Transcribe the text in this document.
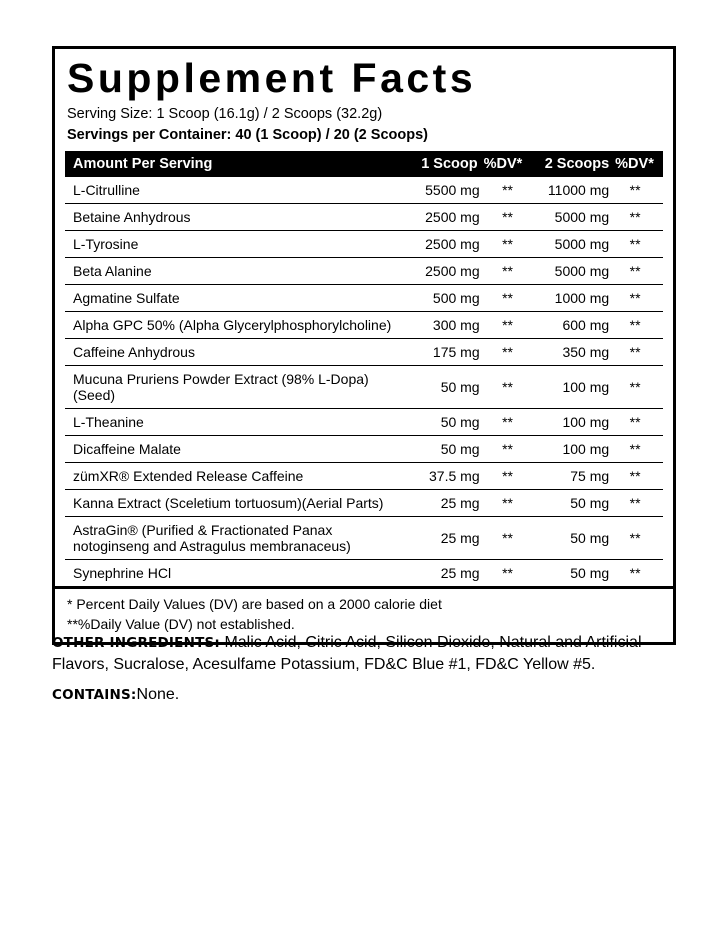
Supplement Facts
Serving Size: 1 Scoop (16.1g) / 2 Scoops (32.2g)
Servings per Container: 40 (1 Scoop) / 20 (2 Scoops)
Amount Per Serving	1 Scoop	%DV*	2 Scoops	%DV*
L-Citrulline	5500 mg	**	11000 mg	**
Betaine Anhydrous	2500 mg	**	5000 mg	**
L-Tyrosine	2500 mg	**	5000 mg	**
Beta Alanine	2500 mg	**	5000 mg	**
Agmatine Sulfate	500 mg	**	1000 mg	**
Alpha GPC 50% (Alpha Glycerylphosphorylcholine)	300 mg	**	600 mg	**
Caffeine Anhydrous	175 mg	**	350 mg	**
Mucuna Pruriens Powder Extract (98% L-Dopa)(Seed)	50 mg	**	100 mg	**
L-Theanine	50 mg	**	100 mg	**
Dicaffeine Malate	50 mg	**	100 mg	**
zümXR® Extended Release Caffeine	37.5 mg	**	75 mg	**
Kanna Extract (Sceletium tortuosum)(Aerial Parts)	25 mg	**	50 mg	**
AstraGin® (Purified & Fractionated Panax notoginseng and Astragulus membranaceus)	25 mg	**	50 mg	**
Synephrine HCl	25 mg	**	50 mg	**
* Percent Daily Values (DV) are based on a 2000 calorie diet
**%Daily Value (DV) not established.

OTHER INGREDIENTS: Malic Acid, Citric Acid, Silicon Dioxide, Natural and Artificial Flavors, Sucralose, Acesulfame Potassium, FD&C Blue #1, FD&C Yellow #5.

CONTAINS:None.
